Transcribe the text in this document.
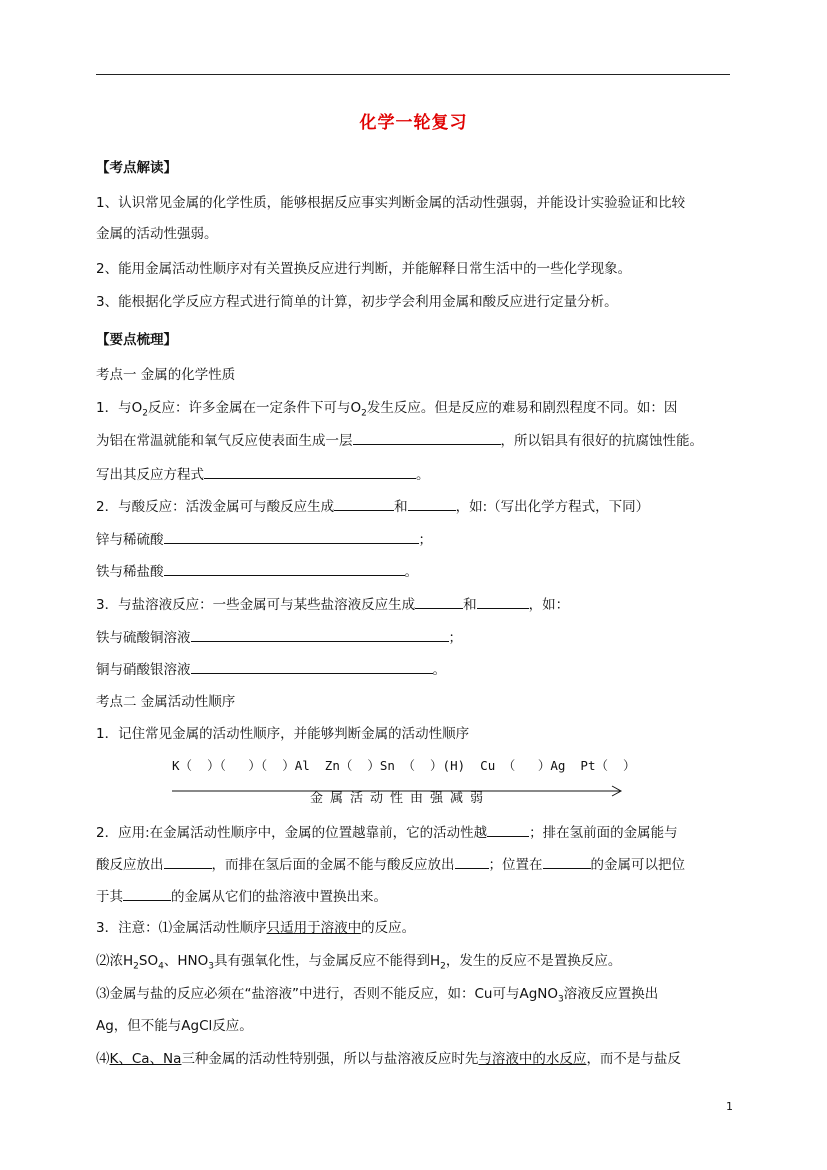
化学一轮复习
【考点解读】
1、认识常见金属的化学性质，能够根据反应事实判断金属的活动性强弱，并能设计实验验证和比较
金属的活动性强弱。
2、能用金属活动性顺序对有关置换反应进行判断，并能解释日常生活中的一些化学现象。
3、能根据化学反应方程式进行简单的计算，初步学会利用金属和酸反应进行定量分析。
【要点梳理】
考点一 金属的化学性质
1．与$O_2$反应：许多金属在一定条件下可与$O_2$发生反应。但是反应的难易和剧烈程度不同。如：因
为铝在常温就能和氧气反应使表面生成一层	，所以铝具有很好的抗腐蚀性能。
写出其反应方程式	。
2．与酸反应：活泼金属可与酸反应生成	和	，如:（写出化学方程式，下同）
锌与稀硫酸	；
铁与稀盐酸	。
3．与盐溶液反应：一些金属可与某些盐溶液反应生成	和	，如：
铁与硫酸铜溶液	；
铜与硝酸银溶液	。
考点二 金属活动性顺序
1．记住常见金属的活动性顺序，并能够判断金属的活动性顺序
K（  ）（   ）（  ）Al  Zn（  ）Sn （  ）(H)  Cu （   ）Ag  Pt（  ）
金属活动性由强减弱
2．应用:在金属活动性顺序中，金属的位置越靠前，它的活动性越	；排在氢前面的金属能与
酸反应放出	，而排在氢后面的金属不能与酸反应放出	；位置在	的金属可以把位
于其	的金属从它们的盐溶液中置换出来。
3．注意：⑴金属活动性顺序只适用于溶液中的反应。
⑵浓$H_2SO_4$、$HNO_3$具有强氧化性，与金属反应不能得到$H_2$，发生的反应不是置换反应。
⑶金属与盐的反应必须在“盐溶液”中进行，否则不能反应，如：Cu可与AgNO$_3$溶液反应置换出
Ag，但不能与AgCl反应。
⑷K、Ca、Na三种金属的活动性特别强，所以与盐溶液反应时先与溶液中的水反应，而不是与盐反
1
